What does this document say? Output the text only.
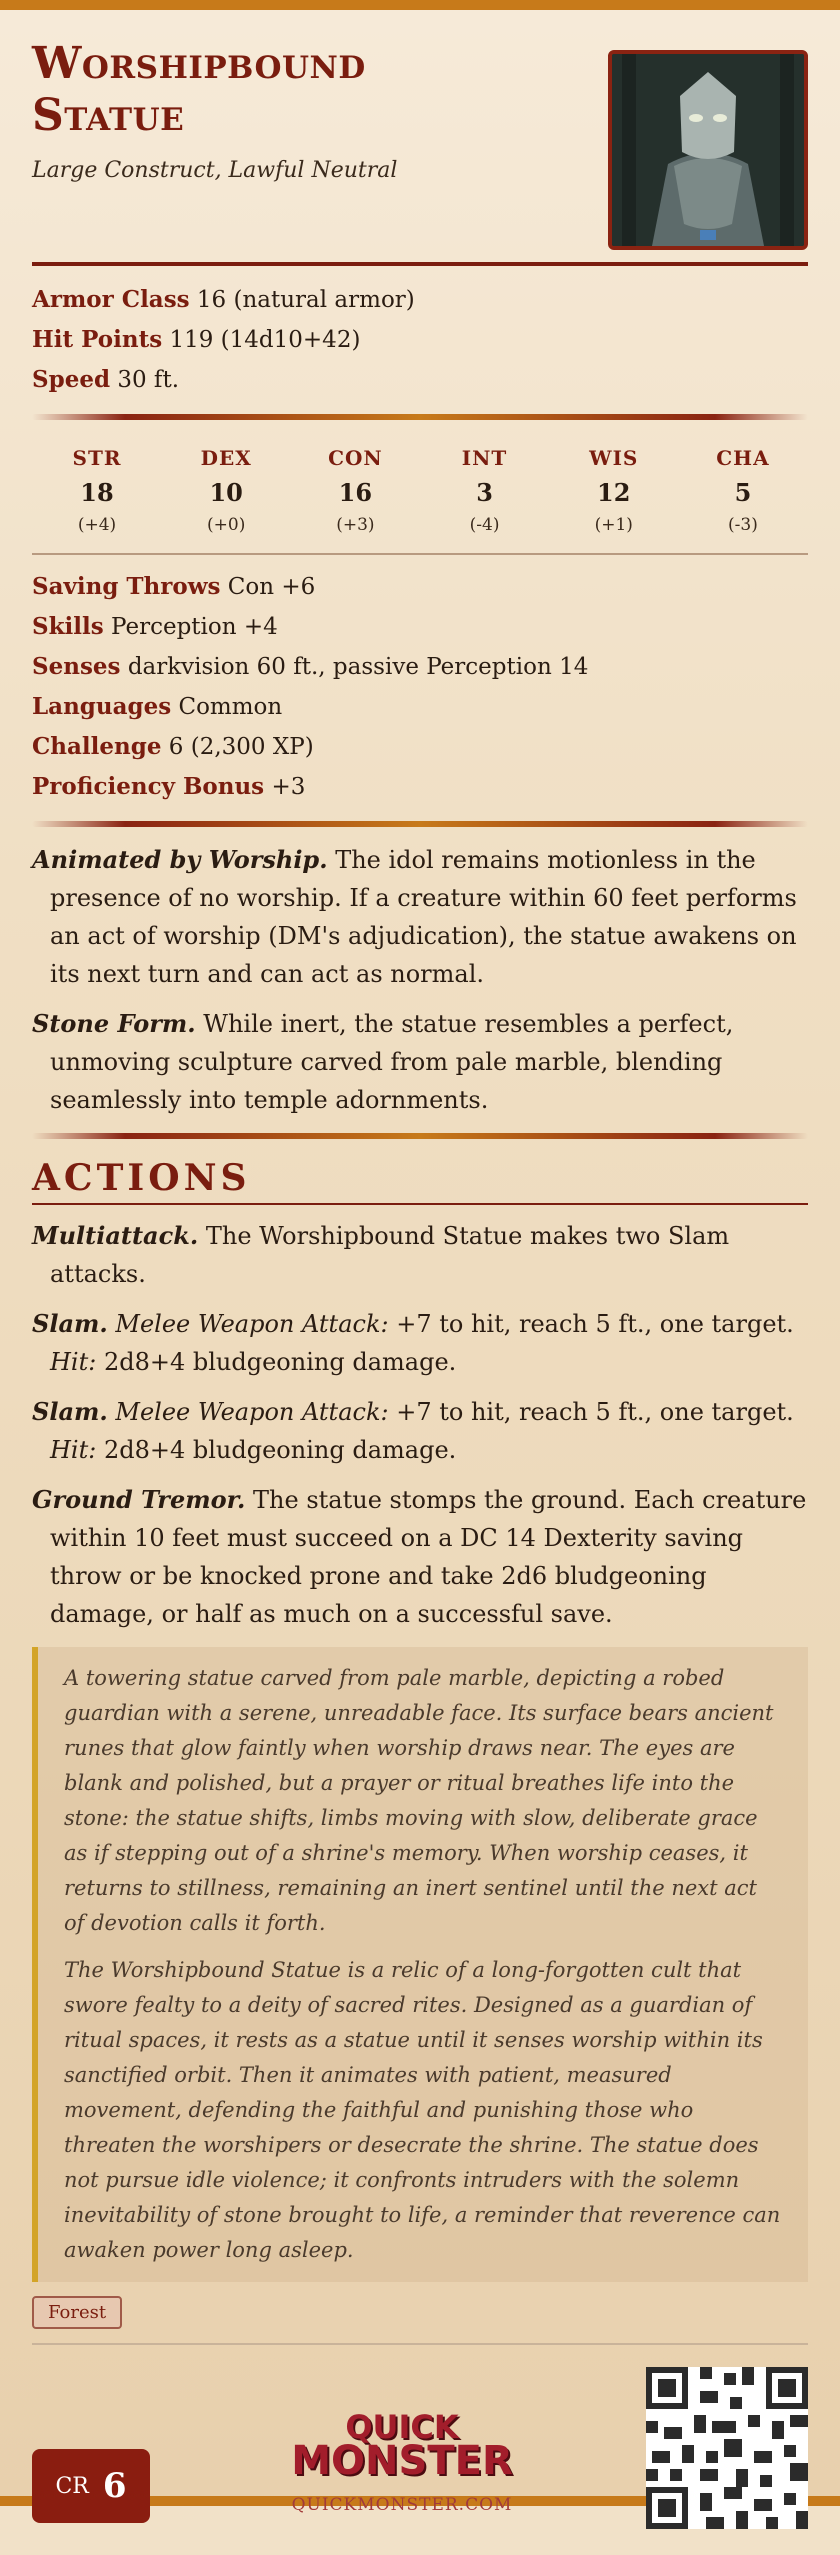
Worshipbound
Statue
Large Construct, Lawful Neutral
Armor Class 16 (natural armor)
Hit Points 119 (14d10+42)
Speed 30 ft.
STR
18
(+4)
DEX
10
(+0)
CON
16
(+3)
INT
3
(-4)
WIS
12
(+1)
CHA
5
(-3)
Saving Throws Con +6
Skills Perception +4
Senses darkvision 60 ft., passive Perception 14
Languages Common
Challenge 6 (2,300 XP)
Proficiency Bonus +3
Animated by Worship. The idol remains motionless in the presence of no worship. If a creature within 60 feet performs an act of worship (DM's adjudication), the statue awakens on its next turn and can act as normal.
Stone Form. While inert, the statue resembles a perfect, unmoving sculpture carved from pale marble, blending seamlessly into temple adornments.
ACTIONS
Multiattack. The Worshipbound Statue makes two Slam attacks.
Slam. Melee Weapon Attack: +7 to hit, reach 5 ft., one target. Hit: 2d8+4 bludgeoning damage.
Slam. Melee Weapon Attack: +7 to hit, reach 5 ft., one target. Hit: 2d8+4 bludgeoning damage.
Ground Tremor. The statue stomps the ground. Each creature within 10 feet must succeed on a DC 14 Dexterity saving throw or be knocked prone and take 2d6 bludgeoning damage, or half as much on a successful save.

A towering statue carved from pale marble, depicting a robed guardian with a serene, unreadable face. Its surface bears ancient runes that glow faintly when worship draws near. The eyes are blank and polished, but a prayer or ritual breathes life into the stone: the statue shifts, limbs moving with slow, deliberate grace as if stepping out of a shrine's memory. When worship ceases, it returns to stillness, remaining an inert sentinel until the next act of devotion calls it forth.

The Worshipbound Statue is a relic of a long-forgotten cult that swore fealty to a deity of sacred rites. Designed as a guardian of ritual spaces, it rests as a statue until it senses worship within its sanctified orbit. Then it animates with patient, measured movement, defending the faithful and punishing those who threaten the worshipers or desecrate the shrine. The statue does not pursue idle violence; it confronts intruders with the solemn inevitability of stone brought to life, a reminder that reverence can awaken power long asleep.

Forest
CR 6
QUICK
MONSTER
QUICKMONSTER.COM
